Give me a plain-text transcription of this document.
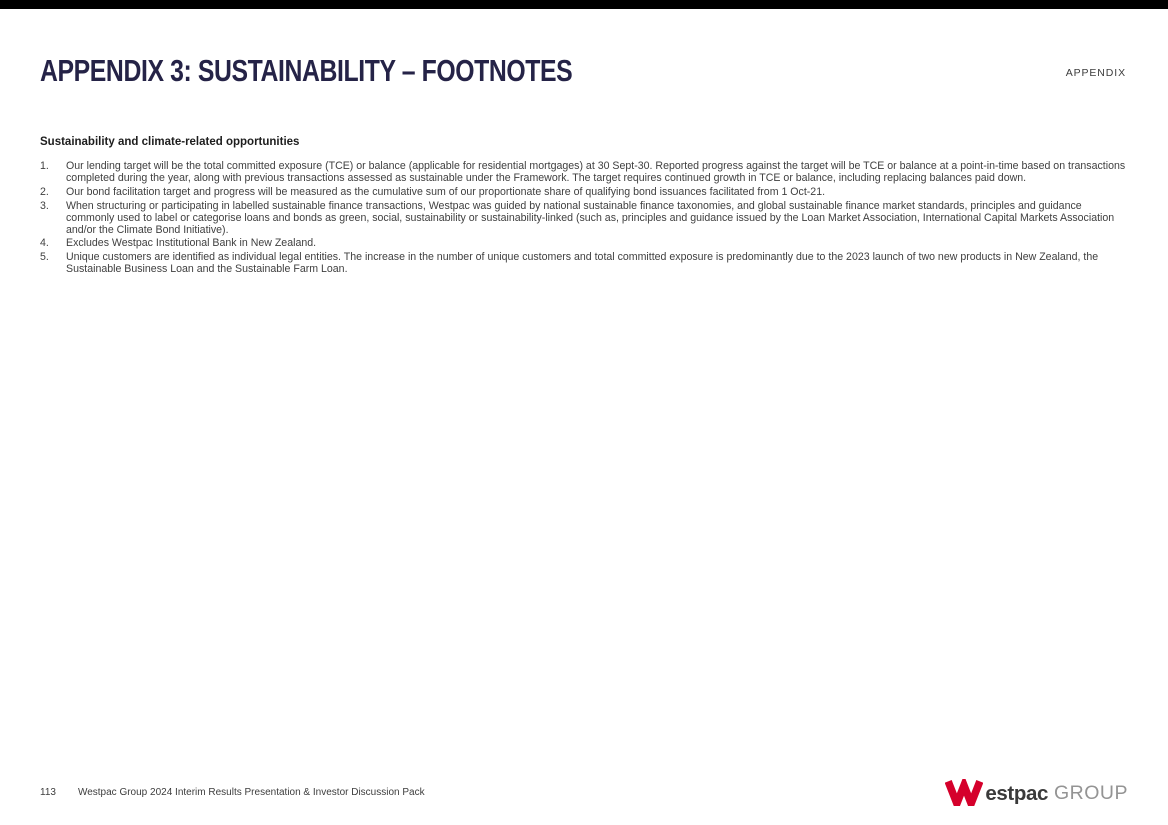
APPENDIX 3: SUSTAINABILITY – FOOTNOTES	APPENDIX
Sustainability and climate-related opportunities
1.	Our lending target will be the total committed exposure (TCE) or balance (applicable for residential mortgages) at 30 Sept-30. Reported progress against the target will be TCE or balance at a point-in-time based on transactions completed during the year, along with previous transactions assessed as sustainable under the Framework. The target requires continued growth in TCE or balance, including replacing balances paid down.
2.	Our bond facilitation target and progress will be measured as the cumulative sum of our proportionate share of qualifying bond issuances facilitated from 1 Oct-21.
3.	When structuring or participating in labelled sustainable finance transactions, Westpac was guided by national sustainable finance taxonomies, and global sustainable finance market standards, principles and guidance commonly used to label or categorise loans and bonds as green, social, sustainability or sustainability-linked (such as, principles and guidance issued by the Loan Market Association, International Capital Markets Association and/or the Climate Bond Initiative).
4.	Excludes Westpac Institutional Bank in New Zealand.
5.	Unique customers are identified as individual legal entities. The increase in the number of unique customers and total committed exposure is predominantly due to the 2023 launch of two new products in New Zealand, the Sustainable Business Loan and the Sustainable Farm Loan.
113 Westpac Group 2024 Interim Results Presentation & Investor Discussion Pack	estpac GROUP
